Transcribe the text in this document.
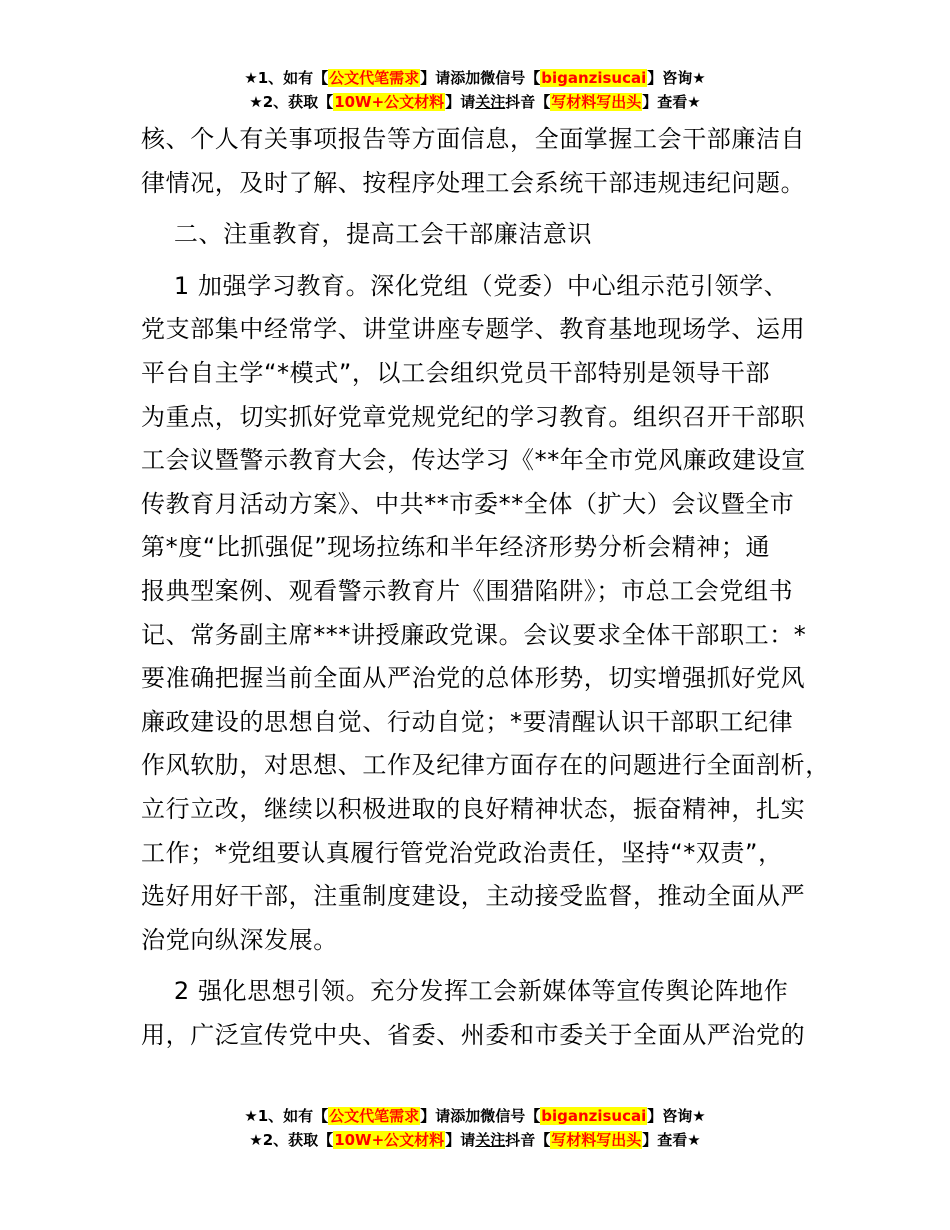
★1、如有【公文代笔需求】请添加微信号【biganzisucai】咨询★
★2、获取【10W+公文材料】请关注抖音【写材料写出头】查看★

核、个人有关事项报告等方面信息，全面掌握工会干部廉洁自

律情况，及时了解、按程序处理工会系统干部违规违纪问题。

二、注重教育，提高工会干部廉洁意识

1 加强学习教育。深化党组（党委）中心组示范引领学、

党支部集中经常学、讲堂讲座专题学、教育基地现场学、运用

平台自主学“*模式”，以工会组织党员干部特别是领导干部

为重点，切实抓好党章党规党纪的学习教育。组织召开干部职

工会议暨警示教育大会，传达学习《**年全市党风廉政建设宣

传教育月活动方案》、中共**市委**全体（扩大）会议暨全市

第*度“比抓强促”现场拉练和半年经济形势分析会精神；通

报典型案例、观看警示教育片《围猎陷阱》；市总工会党组书

记、常务副主席***讲授廉政党课。会议要求全体干部职工：*

要准确把握当前全面从严治党的总体形势，切实增强抓好党风

廉政建设的思想自觉、行动自觉；*要清醒认识干部职工纪律

作风软肋，对思想、工作及纪律方面存在的问题进行全面剖析，

立行立改，继续以积极进取的良好精神状态，振奋精神，扎实

工作；*党组要认真履行管党治党政治责任，坚持“*双责”，

选好用好干部，注重制度建设，主动接受监督，推动全面从严

治党向纵深发展。

2 强化思想引领。充分发挥工会新媒体等宣传舆论阵地作

用，广泛宣传党中央、省委、州委和市委关于全面从严治党的

★1、如有【公文代笔需求】请添加微信号【biganzisucai】咨询★
★2、获取【10W+公文材料】请关注抖音【写材料写出头】查看★
